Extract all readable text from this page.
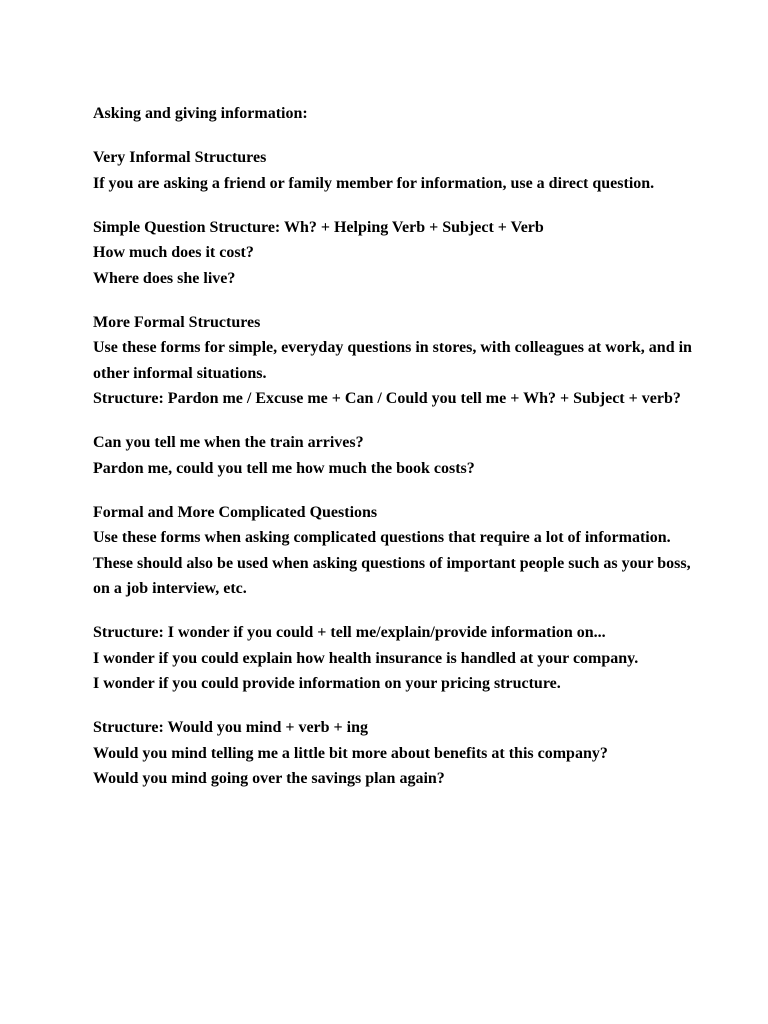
Asking and giving information:

Very Informal Structures

If you are asking a friend or family member for information, use a direct question.

Simple Question Structure: Wh? + Helping Verb + Subject + Verb

How much does it cost?

Where does she live?

More Formal Structures

Use these forms for simple, everyday questions in stores, with colleagues at work, and in other informal situations.

Structure: Pardon me / Excuse me + Can / Could you tell me + Wh? + Subject + verb?

Can you tell me when the train arrives?

Pardon me, could you tell me how much the book costs?

Formal and More Complicated Questions

Use these forms when asking complicated questions that require a lot of information. These should also be used when asking questions of important people such as your boss, on a job interview, etc.

Structure: I wonder if you could + tell me/explain/provide information on...

I wonder if you could explain how health insurance is handled at your company.

I wonder if you could provide information on your pricing structure.

Structure: Would you mind + verb + ing

Would you mind telling me a little bit more about benefits at this company?

Would you mind going over the savings plan again?
